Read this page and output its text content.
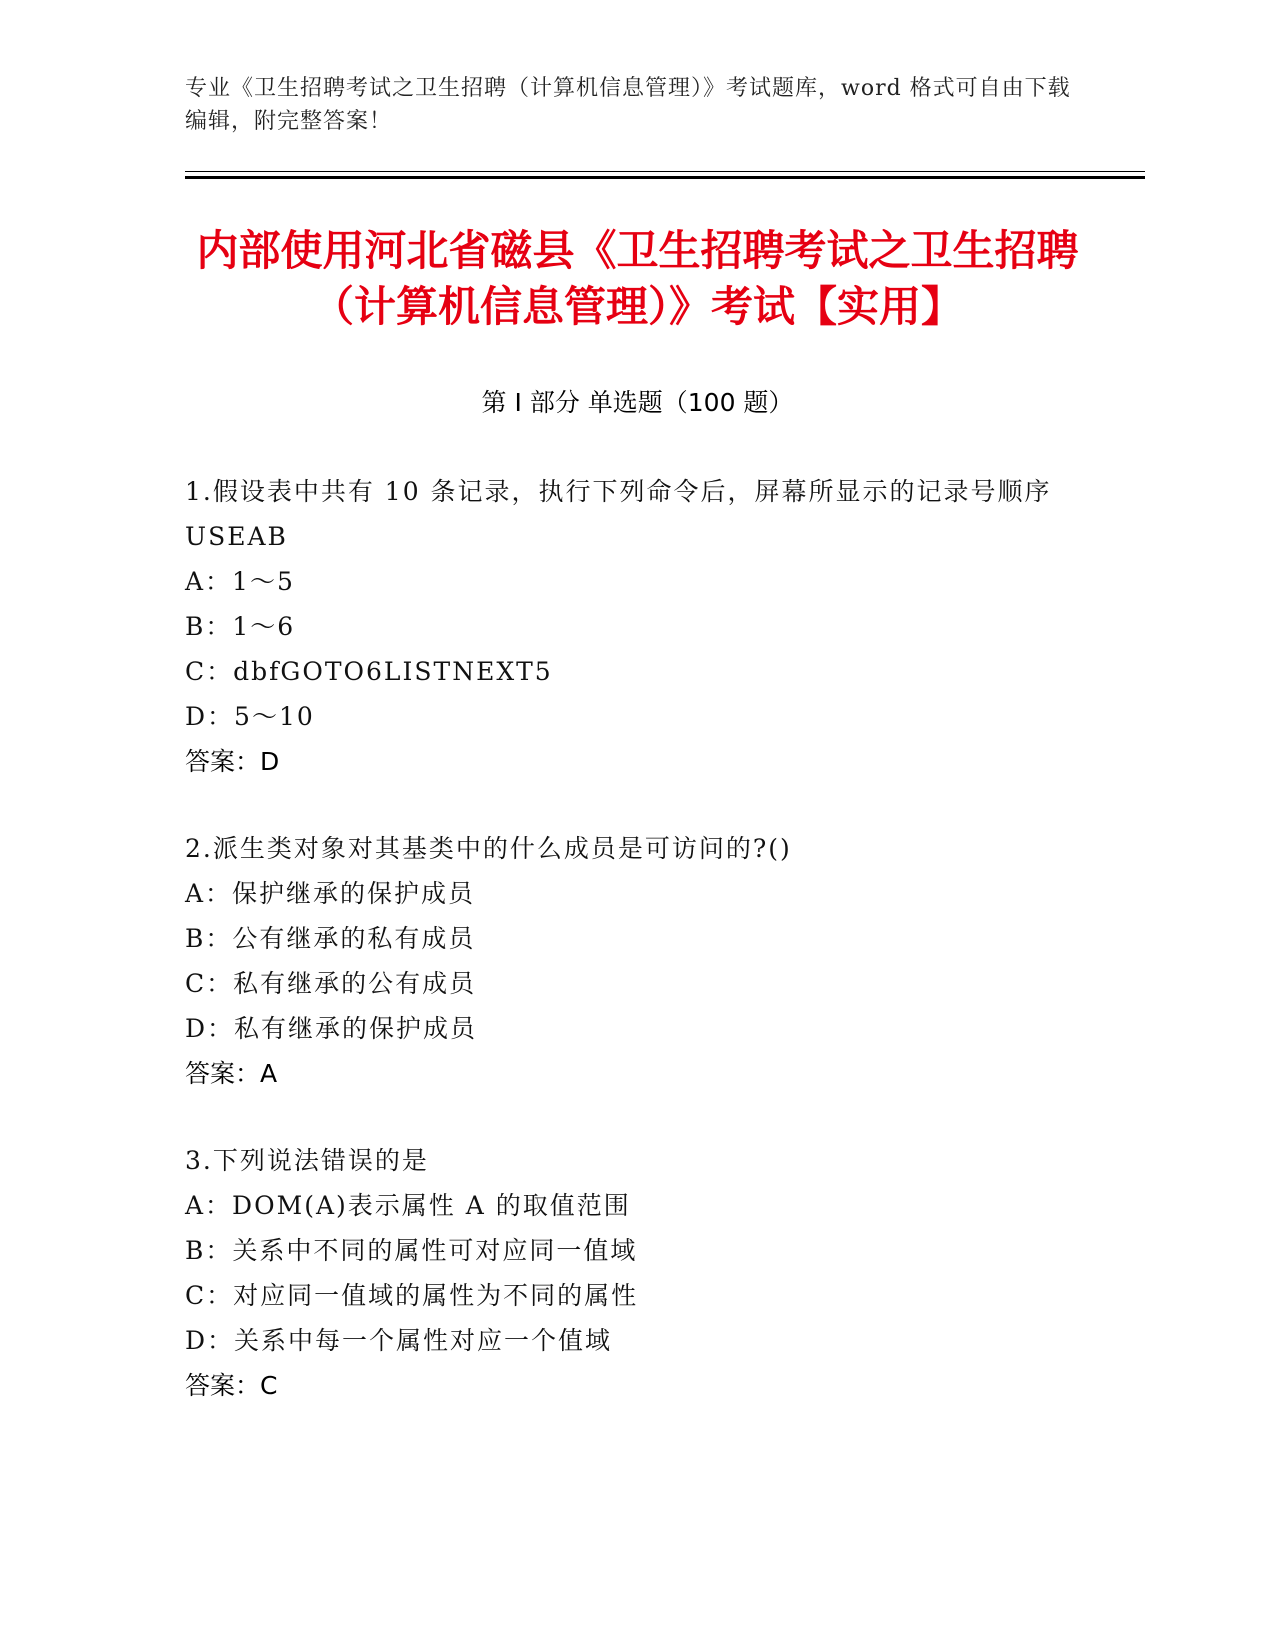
专业《卫生招聘考试之卫生招聘（计算机信息管理）》考试题库，word 格式可自由下载编辑，附完整答案！
内部使用河北省磁县《卫生招聘考试之卫生招聘（计算机信息管理）》考试【实用】
第 I 部分 单选题（100 题）
1.假设表中共有 10 条记录，执行下列命令后，屏幕所显示的记录号顺序 USEAB
A：1～5
B：1～6
C：dbfGOTO6LISTNEXT5
D：5～10
答案：D
2.派生类对象对其基类中的什么成员是可访问的?()
A：保护继承的保护成员
B：公有继承的私有成员
C：私有继承的公有成员
D：私有继承的保护成员
答案：A
3.下列说法错误的是
A：DOM(A)表示属性 A 的取值范围
B：关系中不同的属性可对应同一值域
C：对应同一值域的属性为不同的属性
D：关系中每一个属性对应一个值域
答案：C
